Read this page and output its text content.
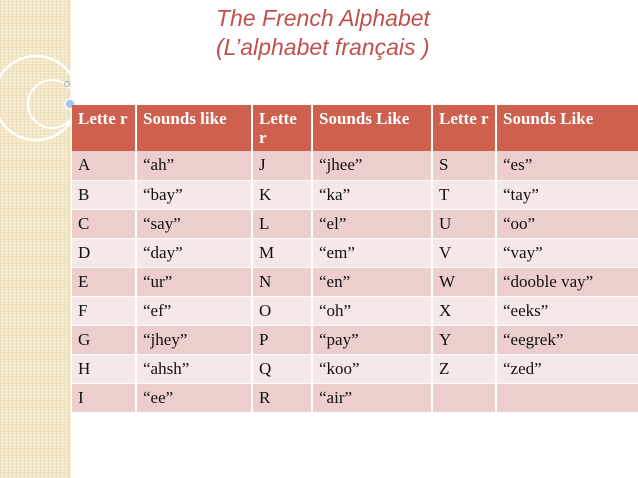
The French Alphabet
(L’alphabet français )
Lette r	Sounds like	Lette r	Sounds Like	Lette r	Sounds Like
A	“ah”	J	“jhee”	S	“es”
B	“bay”	K	“ka”	T	“tay”
C	“say”	L	“el”	U	“oo”
D	“day”	M	“em”	V	“vay”
E	“ur”	N	“en”	W	“dooble vay”
F	“ef”	O	“oh”	X	“eeks”
G	“jhey”	P	“pay”	Y	“eegrek”
H	“ahsh”	Q	“koo”	Z	“zed”
I	“ee”	R	“air”		
